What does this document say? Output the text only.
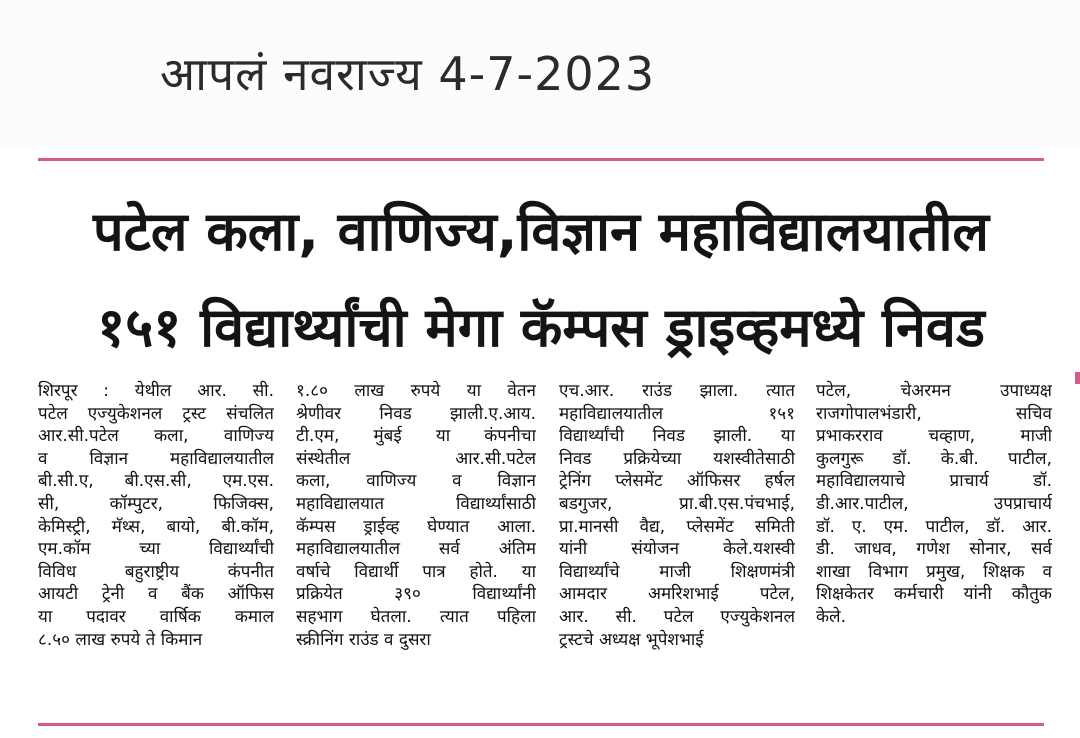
आपलं नवराज्य 4-7-2023
पटेल कला, वाणिज्य,विज्ञान महाविद्यालयातील
१५१ विद्यार्थ्यांची मेगा कॅम्पस ड्राइव्हमध्ये निवड
शिरपूर : येथील आर. सी.
पटेल एज्युकेशनल ट्रस्ट संचलित
आर.सी.पटेल कला, वाणिज्य
व विज्ञान महाविद्यालयातील
बी.सी.ए, बी.एस.सी, एम.एस.
सी, कॉम्पुटर, फिजिक्स,
केमिस्ट्री, मॅथ्स, बायो, बी.कॉम,
एम.कॉम च्या विद्यार्थ्यांची
विविध बहुराष्ट्रीय कंपनीत
आयटी ट्रेनी व बैंक ऑफिस
या पदावर वार्षिक कमाल
८.५० लाख रुपये ते किमान
१.८० लाख रुपये या वेतन
श्रेणीवर निवड झाली.ए.आय.
टी.एम, मुंबई या कंपनीचा
संस्थेतील आर.सी.पटेल
कला, वाणिज्य व विज्ञान
महाविद्यालयात विद्यार्थ्यांसाठी
कॅम्पस ड्राईव्ह घेण्यात आला.
महाविद्यालयातील सर्व अंतिम
वर्षाचे विद्यार्थी पात्र होते. या
प्रक्रियेत ३९० विद्यार्थ्यांनी
सहभाग घेतला. त्यात पहिला
स्क्रीनिंग राउंड व दुसरा
एच.आर. राउंड झाला. त्यात
महाविद्यालयातील १५१
विद्यार्थ्यांची निवड झाली. या
निवड प्रक्रियेच्या यशस्वीतेसाठी
ट्रेनिंग प्लेसमेंट ऑफिसर हर्षल
बडगुजर, प्रा.बी.एस.पंचभाई,
प्रा.मानसी वैद्य, प्लेसमेंट समिती
यांनी संयोजन केले.यशस्वी
विद्यार्थ्यांचे माजी शिक्षणमंत्री
आमदार अमरिशभाई पटेल,
आर. सी. पटेल एज्युकेशनल
ट्रस्टचे अध्यक्ष भूपेशभाई
पटेल, चेअरमन उपाध्यक्ष
राजगोपालभंडारी, सचिव
प्रभाकरराव चव्हाण, माजी
कुलगुरू डॉ. के.बी. पाटील,
महाविद्यालयाचे प्राचार्य डॉ.
डी.आर.पाटील, उपप्राचार्य
डॉ. ए. एम. पाटील, डॉ. आर.
डी. जाधव, गणेश सोनार, सर्व
शाखा विभाग प्रमुख, शिक्षक व
शिक्षकेतर कर्मचारी यांनी कौतुक
केले.
